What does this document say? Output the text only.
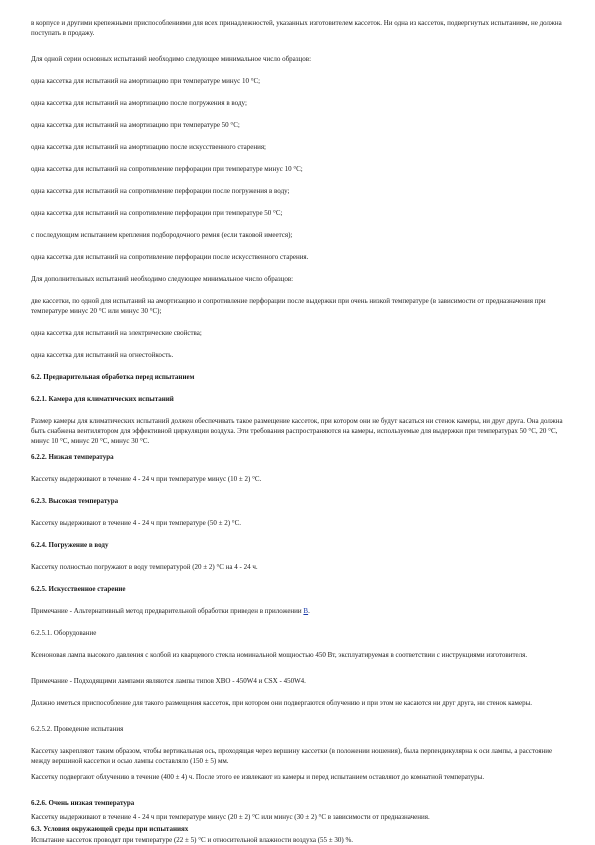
в корпусе и другими крепежными приспособлениями для всех принадлежностей, указанных изготовителем кассеток. Ни одна из кассеток, подвергнутых испытаниям, не должна поступать в продажу.

Для одной серии основных испытаний необходимо следующее минимальное число образцов:

одна кассетка для испытаний на амортизацию при температуре минус 10 °С;

одна кассетка для испытаний на амортизацию после погружения в воду;

одна кассетка для испытаний на амортизацию при температуре 50 °С;

одна кассетка для испытаний на амортизацию после искусственного старения;

одна кассетка для испытаний на сопротивление перфорации при температуре минус 10 °С;

одна кассетка для испытаний на сопротивление перфорации после погружения в воду;

одна кассетка для испытаний на сопротивление перфорации при температуре 50 °С;

с последующим испытанием крепления подбородочного ремня (если таковой имеется);

одна кассетка для испытаний на сопротивление перфорации после искусственного старения.

Для дополнительных испытаний необходимо следующее минимальное число образцов:

две кассетки, по одной для испытаний на амортизацию и сопротивление перфорации после выдержки при очень низкой температуре (в зависимости от предназначения при температуре минус 20 °С или минус 30 °С);

одна кассетка для испытаний на электрические свойства;

одна кассетка для испытаний на огнестойкость.

6.2. Предварительная обработка перед испытанием

6.2.1. Камера для климатических испытаний

Размер камеры для климатических испытаний должен обеспечивать такое размещение кассеток, при котором они не будут касаться ни стенок камеры, ни друг друга. Она должна быть снабжена вентилятором для эффективной циркуляции воздуха. Эти требования распространяются на камеры, используемые для выдержки при температурах 50 °С, 20 °С, минус 10 °С, минус 20 °С, минус 30 °С.

6.2.2. Низкая температура

Кассетку выдерживают в течение 4 - 24 ч при температуре минус (10 ± 2) °С.

6.2.3. Высокая температура

Кассетку выдерживают в течение 4 - 24 ч при температуре (50 ± 2) °С.

6.2.4. Погружение в воду

Кассетку полностью погружают в воду температурой (20 ± 2) °С на 4 - 24 ч.

6.2.5. Искусственное старение

Примечание - Альтернативный метод предварительной обработки приведен в приложении В.

6.2.5.1. Оборудование

Ксеноновая лампа высокого давления с колбой из кварцевого стекла номинальной мощностью 450 Вт, эксплуатируемая в соответствии с инструкциями изготовителя.

Примечание - Подходящими лампами являются лампы типов XBO - 450W4 и CSX - 450W4.

Должно иметься приспособление для такого размещения кассеток, при котором они подвергаются облучению и при этом не касаются ни друг друга, ни стенок камеры.

6.2.5.2. Проведение испытания

Кассетку закрепляют таким образом, чтобы вертикальная ось, проходящая через вершину кассетки (в положении ношения), была перпендикулярна к оси лампы, а расстояние между вершиной кассетки и осью лампы составляло (150 ± 5) мм.

Кассетку подвергают облучению в течение (400 ± 4) ч. После этого ее извлекают из камеры и перед испытанием оставляют до комнатной температуры.

6.2.6. Очень низкая температура

Кассетку выдерживают в течение 4 - 24 ч при температуре минус (20 ± 2) °С или минус (30 ± 2) °С в зависимости от предназначения.

6.3. Условия окружающей среды при испытаниях

Испытание кассеток проводят при температуре (22 ± 5) °С и относительной влажности воздуха (55 ± 30) %.
